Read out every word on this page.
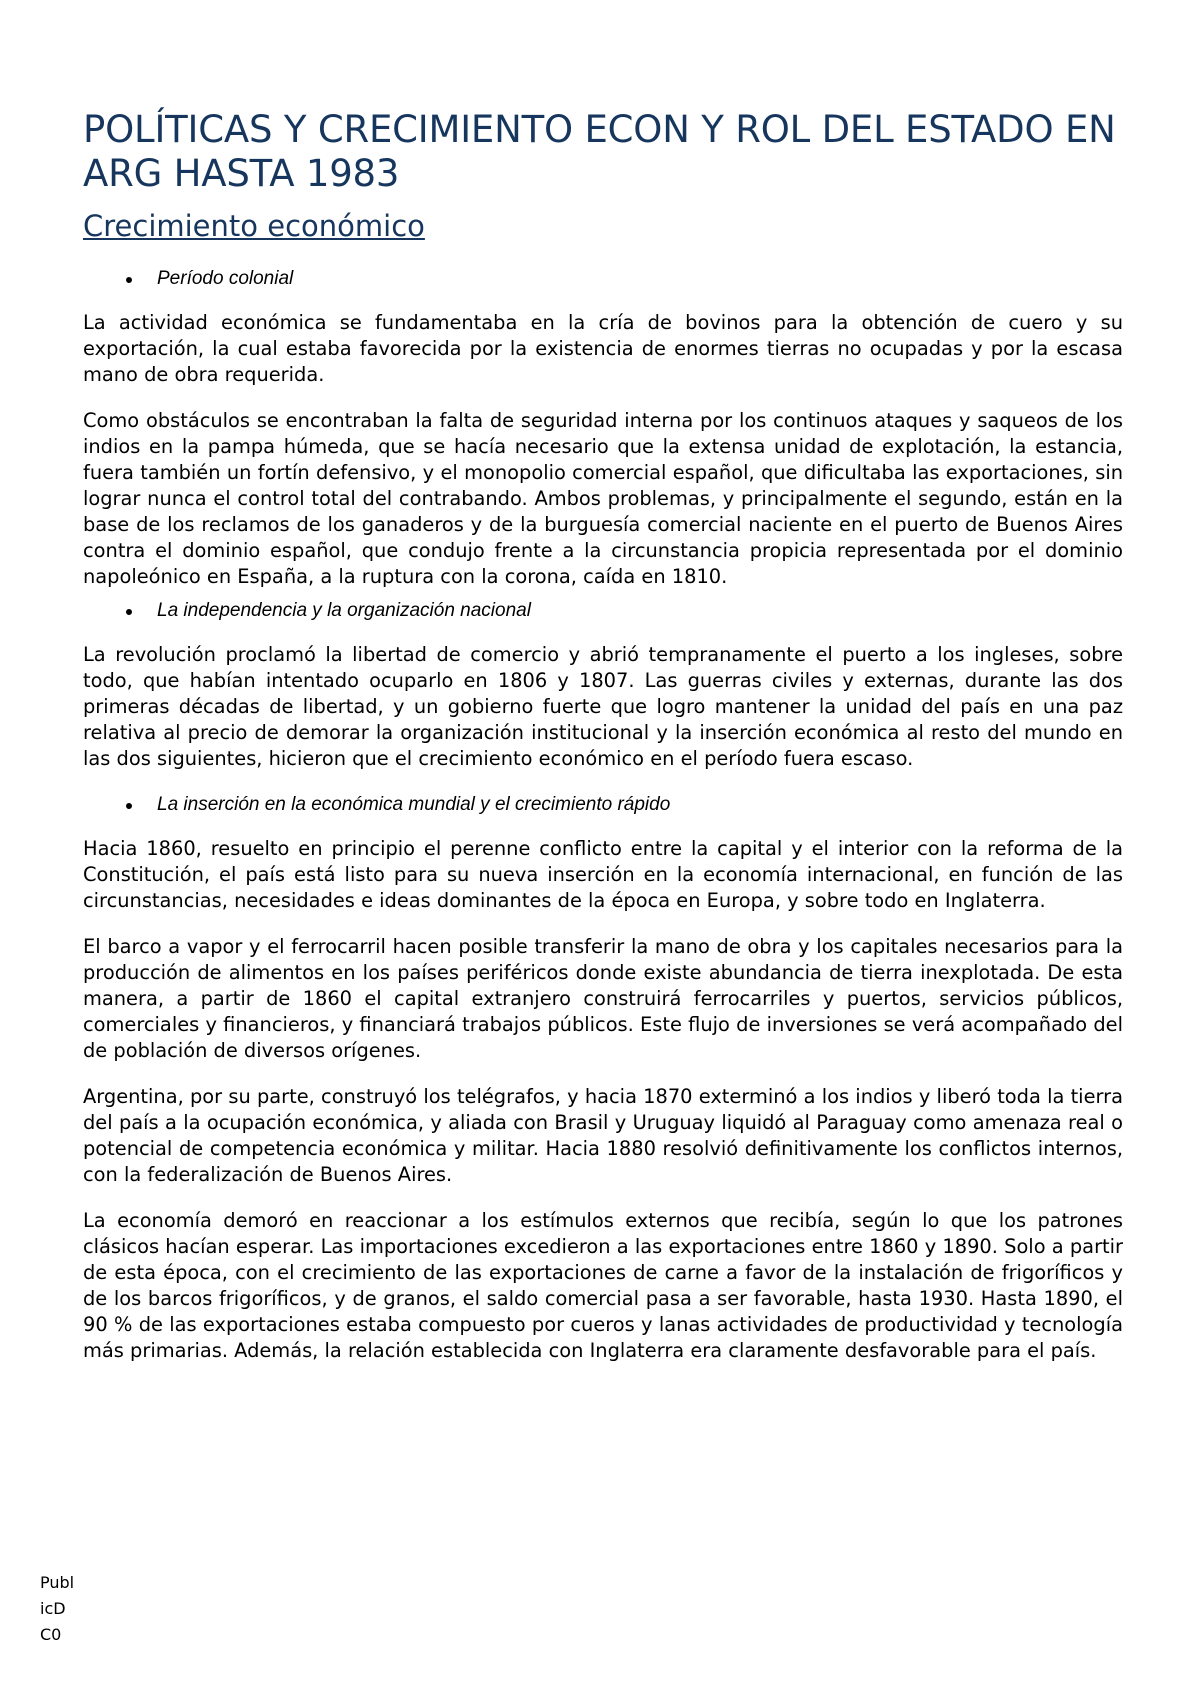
POLÍTICAS Y CRECIMIENTO ECON Y ROL DEL ESTADO EN ARG HASTA 1983
Crecimiento económico
Período colonial

La actividad económica se fundamentaba en la cría de bovinos para la obtención de cuero y su exportación, la cual estaba favorecida por la existencia de enormes tierras no ocupadas y por la escasa mano de obra requerida.

Como obstáculos se encontraban la falta de seguridad interna por los continuos ataques y saqueos de los indios en la pampa húmeda, que se hacía necesario que la extensa unidad de explotación, la estancia, fuera también un fortín defensivo, y el monopolio comercial español, que dificultaba las exportaciones, sin lograr nunca el control total del contrabando. Ambos problemas, y principalmente el segundo, están en la base de los reclamos de los ganaderos y de la burguesía comercial naciente en el puerto de Buenos Aires contra el dominio español, que condujo frente a la circunstancia propicia representada por el dominio napoleónico en España, a la ruptura con la corona, caída en 1810.

La independencia y la organización nacional

La revolución proclamó la libertad de comercio y abrió tempranamente el puerto a los ingleses, sobre todo, que habían intentado ocuparlo en 1806 y 1807. Las guerras civiles y externas, durante las dos primeras décadas de libertad, y un gobierno fuerte que logro mantener la unidad del país en una paz relativa al precio de demorar la organización institucional y la inserción económica al resto del mundo en las dos siguientes, hicieron que el crecimiento económico en el período fuera escaso.

La inserción en la económica mundial y el crecimiento rápido

Hacia 1860, resuelto en principio el perenne conflicto entre la capital y el interior con la reforma de la Constitución, el país está listo para su nueva inserción en la economía internacional, en función de las circunstancias, necesidades e ideas dominantes de la época en Europa, y sobre todo en Inglaterra.

El barco a vapor y el ferrocarril hacen posible transferir la mano de obra y los capitales necesarios para la producción de alimentos en los países periféricos donde existe abundancia de tierra inexplotada. De esta manera, a partir de 1860 el capital extranjero construirá ferrocarriles y puertos, servicios públicos, comerciales y financieros, y financiará trabajos públicos. Este flujo de inversiones se verá acompañado del de población de diversos orígenes.

Argentina, por su parte, construyó los telégrafos, y hacia 1870 exterminó a los indios y liberó toda la tierra del país a la ocupación económica, y aliada con Brasil y Uruguay liquidó al Paraguay como amenaza real o potencial de competencia económica y militar. Hacia 1880 resolvió definitivamente los conflictos internos, con la federalización de Buenos Aires.

La economía demoró en reaccionar a los estímulos externos que recibía, según lo que los patrones clásicos hacían esperar. Las importaciones excedieron a las exportaciones entre 1860 y 1890. Solo a partir de esta época, con el crecimiento de las exportaciones de carne a favor de la instalación de frigoríficos y de los barcos frigoríficos, y de granos, el saldo comercial pasa a ser favorable, hasta 1930. Hasta 1890, el 90 % de las exportaciones estaba compuesto por cueros y lanas actividades de productividad y tecnología más primarias. Además, la relación establecida con Inglaterra era claramente desfavorable para el país.

PublicDC0
